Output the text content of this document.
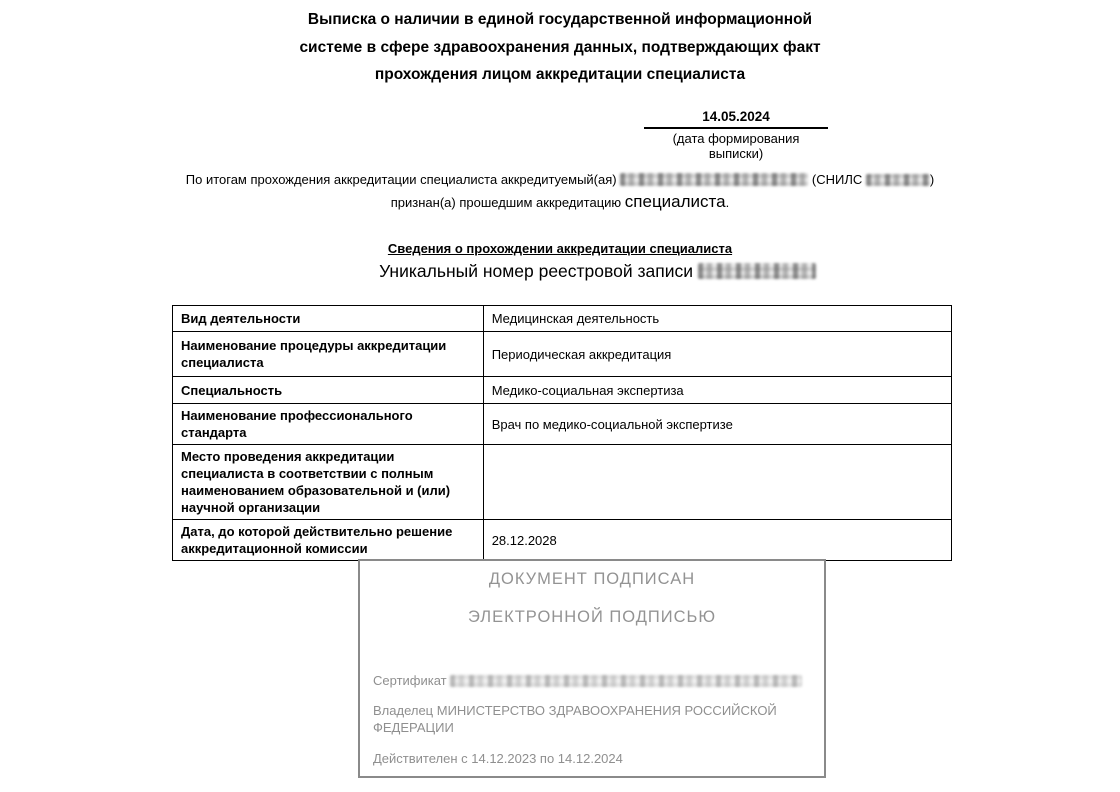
Выписка о наличии в единой государственной информационной
системе в сфере здравоохранения данных, подтверждающих факт
прохождения лицом аккредитации специалиста
14.05.2024
(дата формирования выписки)
По итогам прохождения аккредитации специалиста аккредитуемый(ая)	(СНИЛС	)
признан(а) прошедшим аккредитацию специалиста.
Сведения о прохождении аккредитации специалиста
Уникальный номер реестровой записи
Вид деятельности	Медицинская деятельность
Наименование процедуры аккредитации специалиста	Периодическая аккредитация
Специальность	Медико-социальная экспертиза
Наименование профессионального стандарта	Врач по медико-социальной экспертизе
Место проведения аккредитации специалиста в соответствии с полным наименованием образовательной и (или) научной организации	
Дата, до которой действительно решение аккредитационной комиссии	28.12.2028
ДОКУМЕНТ ПОДПИСАН
ЭЛЕКТРОННОЙ ПОДПИСЬЮ
Сертификат
Владелец МИНИСТЕРСТВО ЗДРАВООХРАНЕНИЯ РОССИЙСКОЙ ФЕДЕРАЦИИ
Действителен с 14.12.2023 по 14.12.2024
